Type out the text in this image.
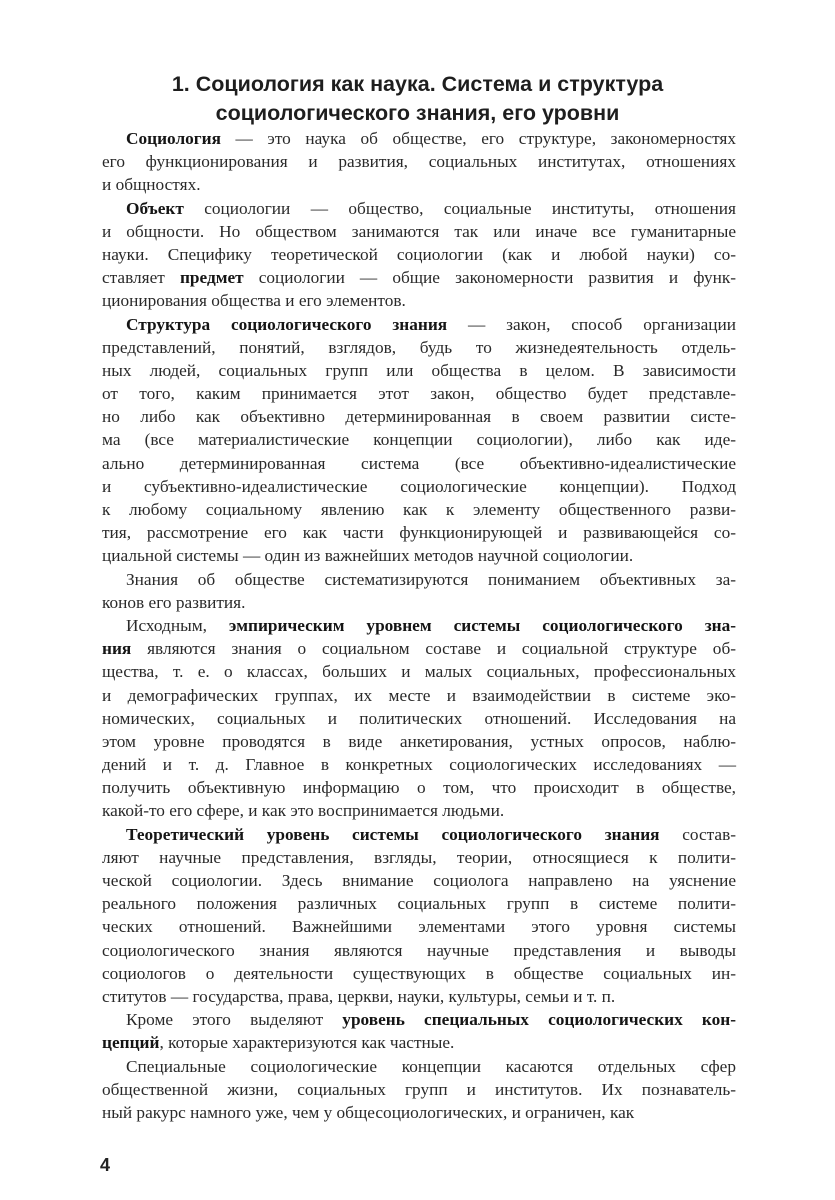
1. Социология как наука. Система и структура
социологического знания, его уровни
Социология — это наука об обществе, его структуре, закономерностях
его функционирования и развития, социальных институтах, отношениях
и общностях.
Объект социологии — общество, социальные институты, отношения
и общности. Но обществом занимаются так или иначе все гуманитарные
науки. Специфику теоретической социологии (как и любой науки) со-
ставляет предмет социологии — общие закономерности развития и функ-
ционирования общества и его элементов.
Структура социологического знания — закон, способ организации
представлений, понятий, взглядов, будь то жизнедеятельность отдель-
ных людей, социальных групп или общества в целом. В зависимости
от того, каким принимается этот закон, общество будет представле-
но либо как объективно детерминированная в своем развитии систе-
ма (все материалистические концепции социологии), либо как иде-
ально детерминированная система (все объективно-идеалистические
и субъективно-идеалистические социологические концепции). Подход
к любому социальному явлению как к элементу общественного разви-
тия, рассмотрение его как части функционирующей и развивающейся со-
циальной системы — один из важнейших методов научной социологии.
Знания об обществе систематизируются пониманием объективных за-
конов его развития.
Исходным, эмпирическим уровнем системы социологического зна-
ния являются знания о социальном составе и социальной структуре об-
щества, т. е. о классах, больших и малых социальных, профессиональных
и демографических группах, их месте и взаимодействии в системе эко-
номических, социальных и политических отношений. Исследования на
этом уровне проводятся в виде анкетирования, устных опросов, наблю-
дений и т. д. Главное в конкретных социологических исследованиях —
получить объективную информацию о том, что происходит в обществе,
какой-то его сфере, и как это воспринимается людьми.
Теоретический уровень системы социологического знания состав-
ляют научные представления, взгляды, теории, относящиеся к полити-
ческой социологии. Здесь внимание социолога направлено на уяснение
реального положения различных социальных групп в системе полити-
ческих отношений. Важнейшими элементами этого уровня системы
социологического знания являются научные представления и выводы
социологов о деятельности существующих в обществе социальных ин-
ститутов — государства, права, церкви, науки, культуры, семьи и т. п.
Кроме этого выделяют уровень специальных социологических кон-
цепций, которые характеризуются как частные.
Специальные социологические концепции касаются отдельных сфер
общественной жизни, социальных групп и институтов. Их познаватель-
ный ракурс намного уже, чем у общесоциологических, и ограничен, как
4
